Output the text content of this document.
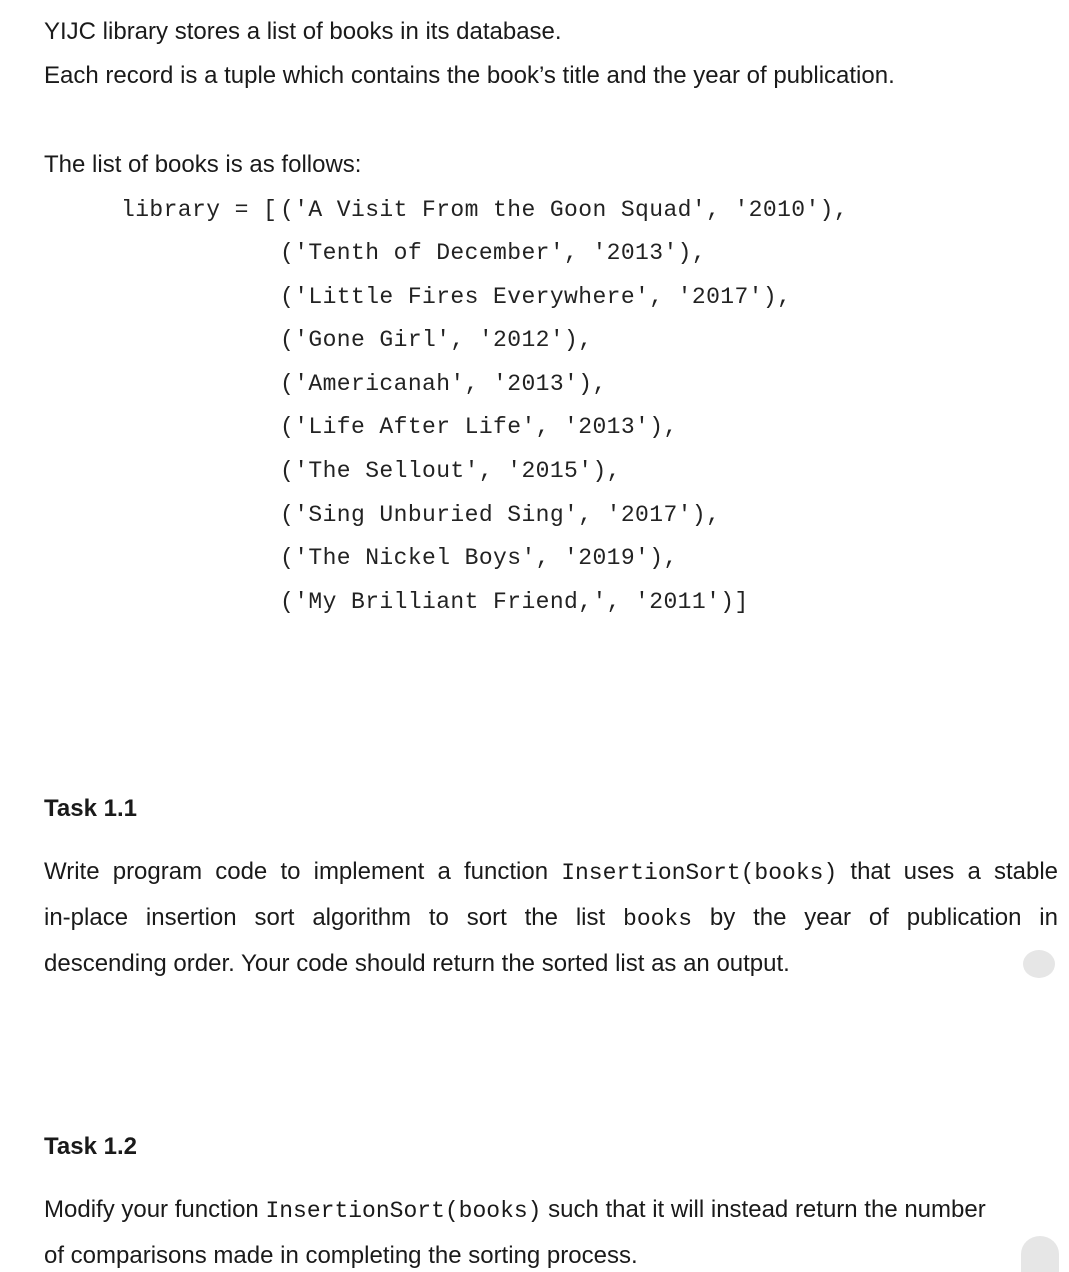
YIJC library stores a list of books in its database.
Each record is a tuple which contains the book’s title and the year of publication.
The list of books is as follows:
library = [ ('A Visit From the Goon Squad', '2010'),
('Tenth of December', '2013'),
('Little Fires Everywhere', '2017'),
('Gone Girl', '2012'),
('Americanah', '2013'),
('Life After Life', '2013'),
('The Sellout', '2015'),
('Sing Unburied Sing', '2017'),
('The Nickel Boys', '2019'),
('My Brilliant Friend,', '2011')]
Task 1.1
Write program code to implement a function InsertionSort(books) that uses a stable
in-place insertion sort algorithm to sort the list books by the year of publication in
descending order. Your code should return the sorted list as an output.
Task 1.2
Modify your function InsertionSort(books) such that it will instead return the number
of comparisons made in completing the sorting process.
